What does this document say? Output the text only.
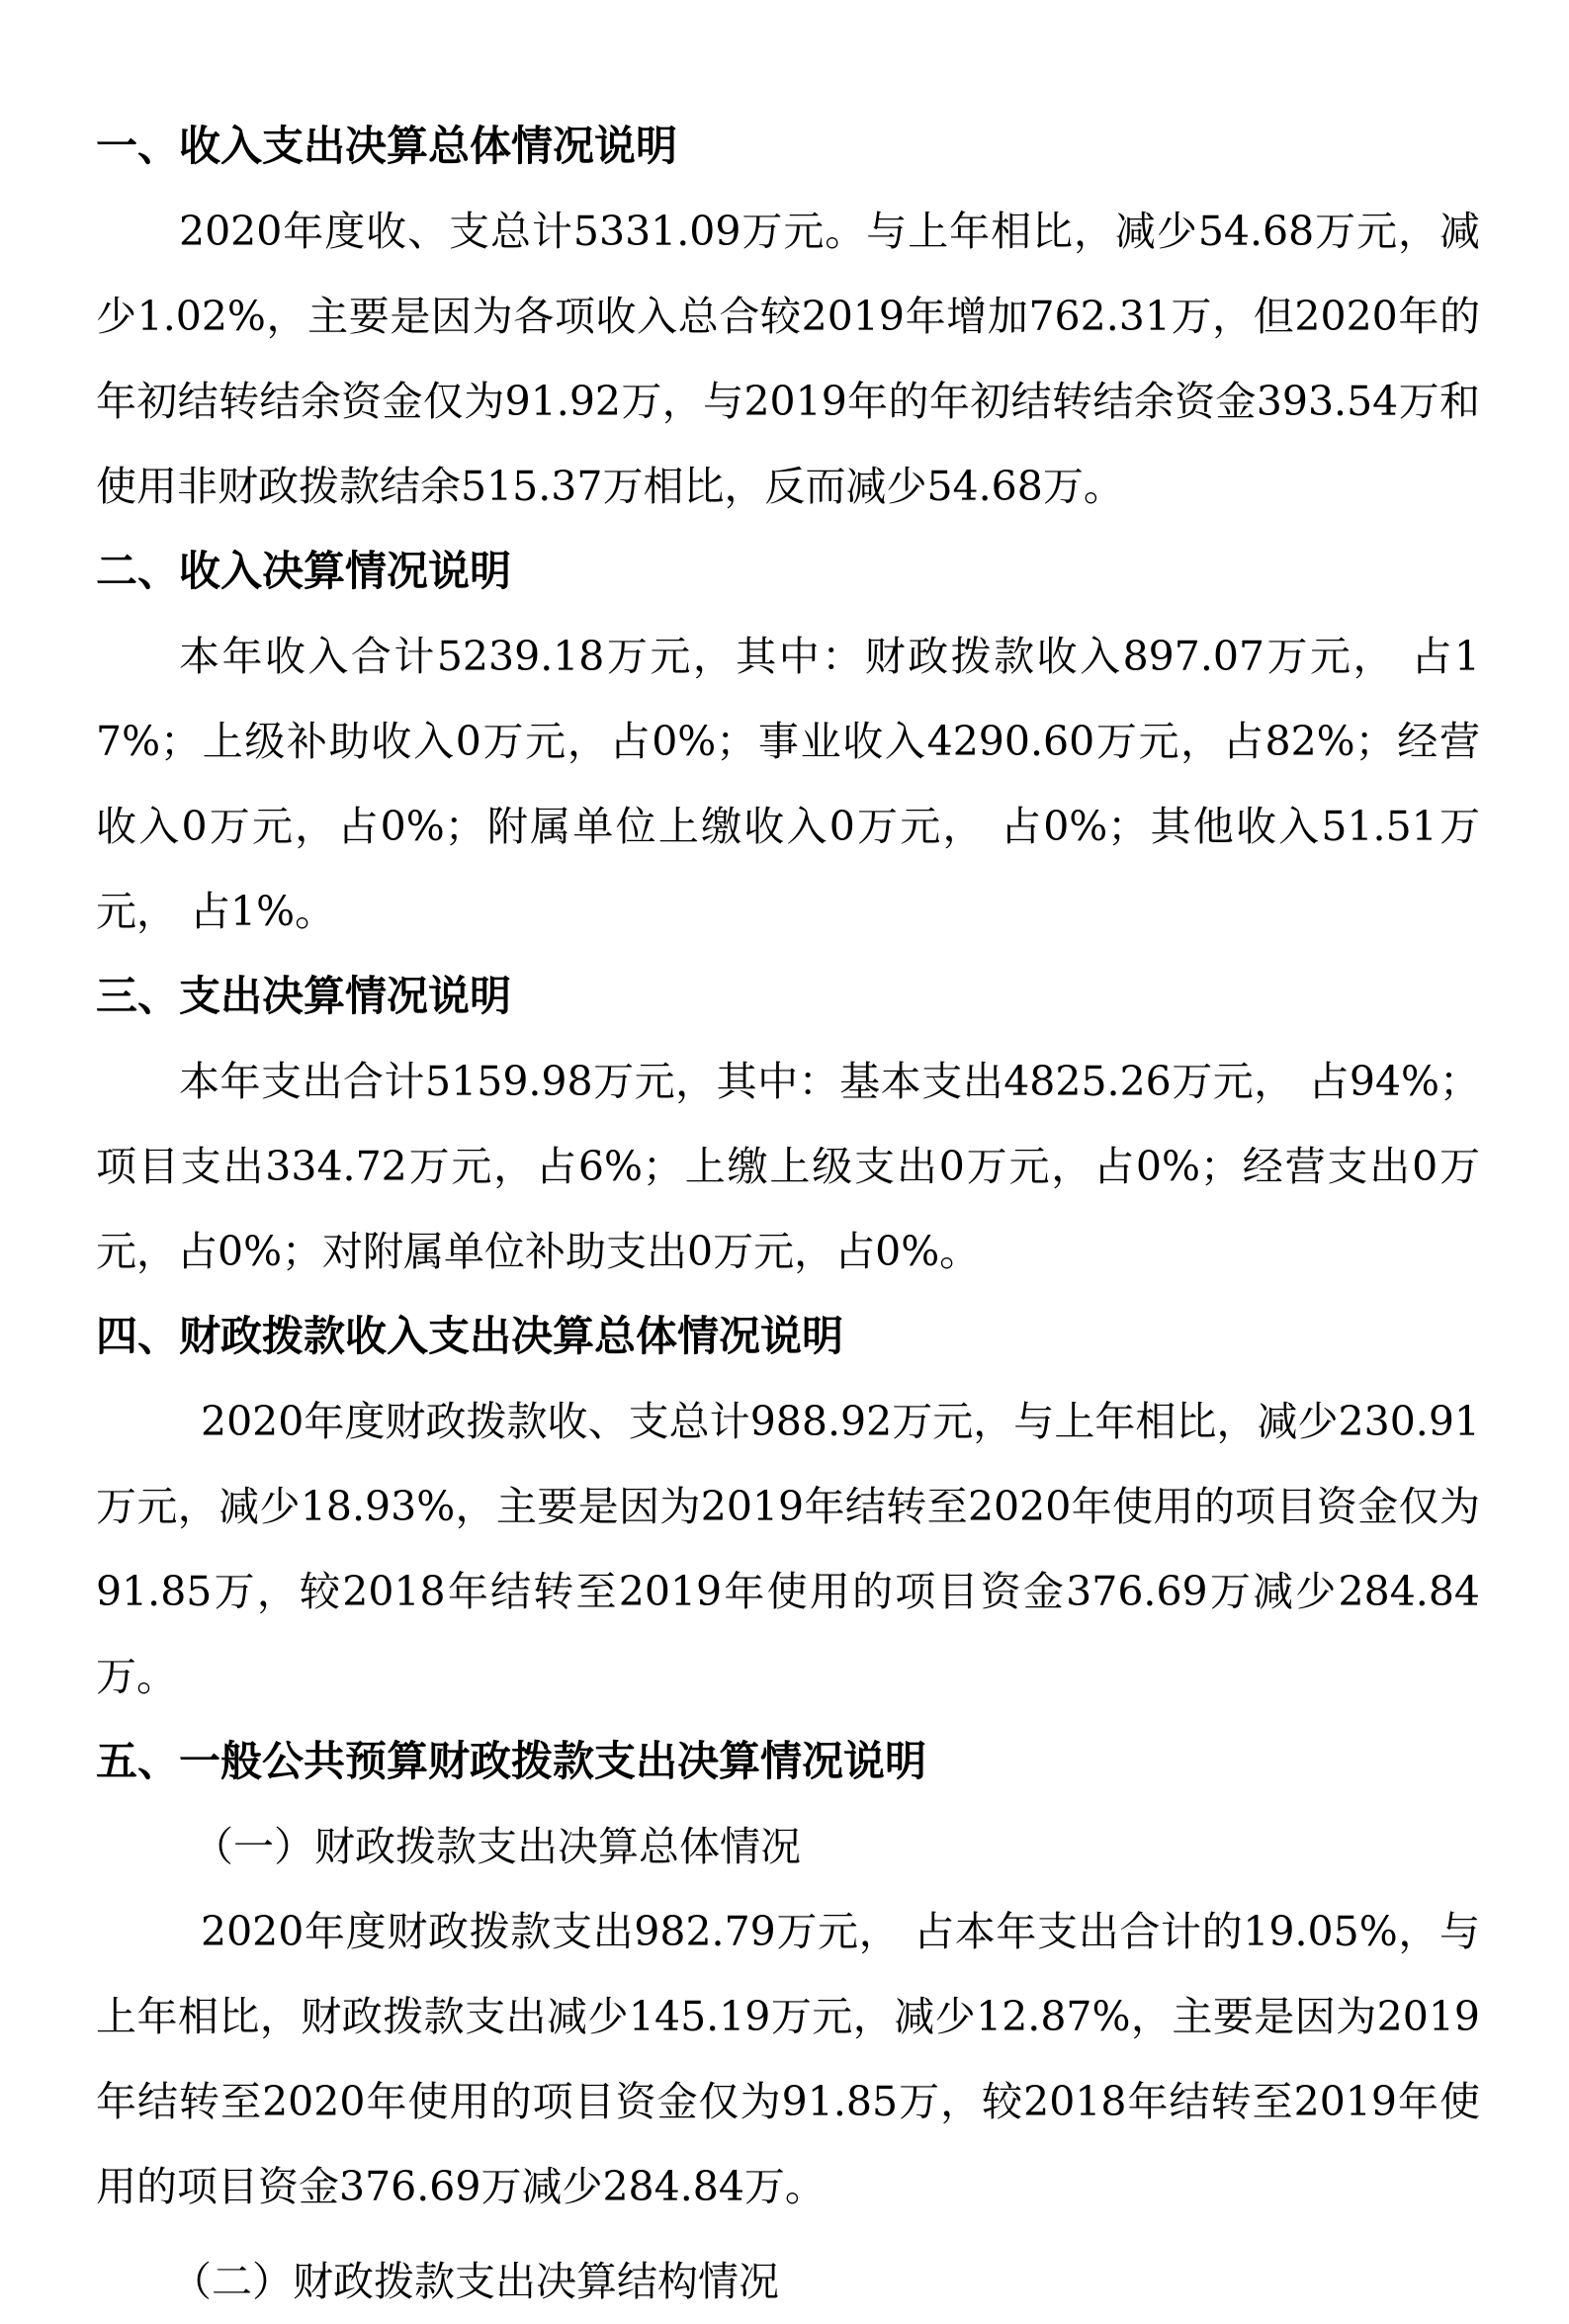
一、收入支出决算总体情况说明

2020年度收、支总计5331.09万元。与上年相比，减少54.68万元，减少1.02%，主要是因为各项收入总合较2019年增加762.31万，但2020年的年初结转结余资金仅为91.92万，与2019年的年初结转结余资金393.54万和使用非财政拨款结余515.37万相比，反而减少54.68万。

二、收入决算情况说明

本年收入合计5239.18万元，其中：财政拨款收入897.07万元， 占17%；上级补助收入0万元，占0%；事业收入4290.60万元，占82%；经营收入0万元，占0%；附属单位上缴收入0万元， 占0%；其他收入51.51万元， 占1%。

三、支出决算情况说明

本年支出合计5159.98万元，其中：基本支出4825.26万元， 占94%；项目支出334.72万元，占6%；上缴上级支出0万元，占0%；经营支出0万元，占0%；对附属单位补助支出0万元，占0%。

四、财政拨款收入支出决算总体情况说明

2020年度财政拨款收、支总计988.92万元，与上年相比，减少230.91万元，减少18.93%，主要是因为2019年结转至2020年使用的项目资金仅为91.85万，较2018年结转至2019年使用的项目资金376.69万减少284.84万。

五、一般公共预算财政拨款支出决算情况说明

（一）财政拨款支出决算总体情况

2020年度财政拨款支出982.79万元， 占本年支出合计的19.05%，与上年相比，财政拨款支出减少145.19万元，减少12.87%，主要是因为2019年结转至2020年使用的项目资金仅为91.85万，较2018年结转至2019年使用的项目资金376.69万减少284.84万。

（二）财政拨款支出决算结构情况
